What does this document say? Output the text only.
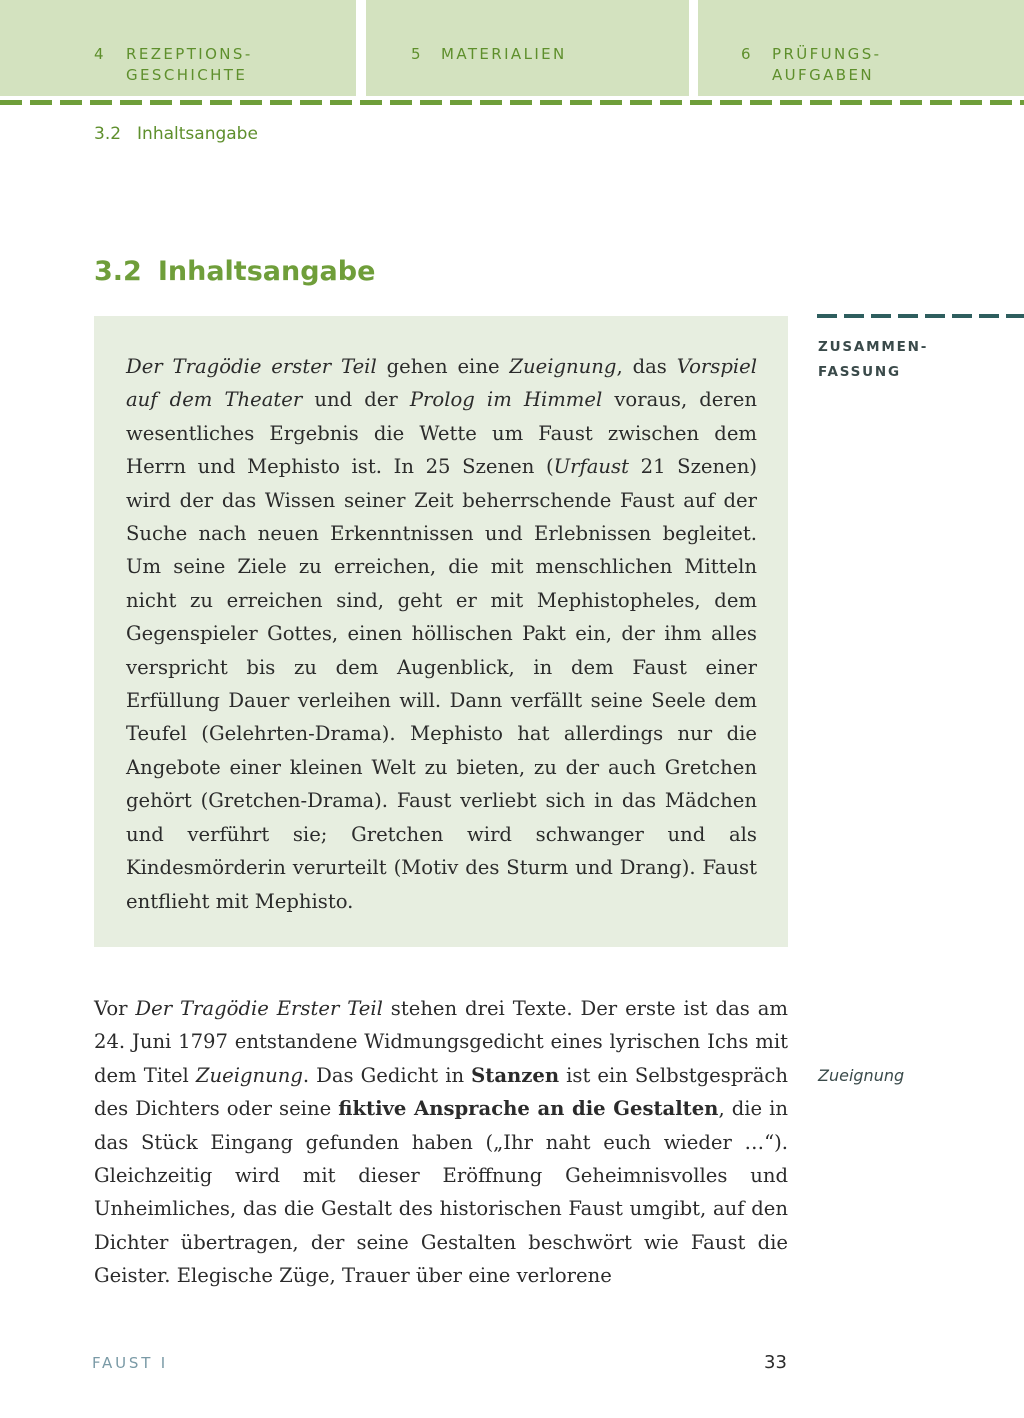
4 REZEPTIONS-
GESCHICHTE
5 MATERIALIEN	6 PRÜFUNGS-
AUFGABEN
3.2 Inhaltsangabe
3.2 Inhaltsangabe
ZUSAMMEN-
FASSUNG

Der Tragödie erster Teil gehen eine Zueignung, das Vorspiel auf dem Theater und der Prolog im Himmel voraus, deren wesentliches Ergebnis die Wette um Faust zwischen dem Herrn und Mephisto ist. In 25 Szenen (Urfaust 21 Szenen) wird der das Wissen seiner Zeit beherrschende Faust auf der Suche nach neuen Erkenntnissen und Erlebnissen begleitet. Um seine Ziele zu erreichen, die mit menschlichen Mitteln nicht zu erreichen sind, geht er mit Mephistopheles, dem Gegenspieler Gottes, einen höllischen Pakt ein, der ihm alles verspricht bis zu dem Augenblick, in dem Faust einer Erfüllung Dauer verleihen will. Dann verfällt seine Seele dem Teufel (Gelehrten-Drama). Mephisto hat allerdings nur die Angebote einer kleinen Welt zu bieten, zu der auch Gretchen gehört (Gretchen-Drama). Faust verliebt sich in das Mädchen und verführt sie; Gretchen wird schwanger und als Kindesmörderin verurteilt (Motiv des Sturm und Drang). Faust entflieht mit Mephisto.

Vor Der Tragödie Erster Teil stehen drei Texte. Der erste ist das am 24. Juni 1797 entstandene Widmungsgedicht eines lyrischen Ichs mit dem Titel Zueignung. Das Gedicht in Stanzen ist ein Selbstgespräch des Dichters oder seine fiktive Ansprache an die Gestalten, die in das Stück Eingang gefunden haben („Ihr naht euch wieder …“). Gleichzeitig wird mit dieser Eröffnung Geheimnisvolles und Unheimliches, das die Gestalt des historischen Faust umgibt, auf den Dichter übertragen, der seine Gestalten beschwört wie Faust die Geister. Elegische Züge, Trauer über eine verlorene

Zueignung
FAUST I	33
